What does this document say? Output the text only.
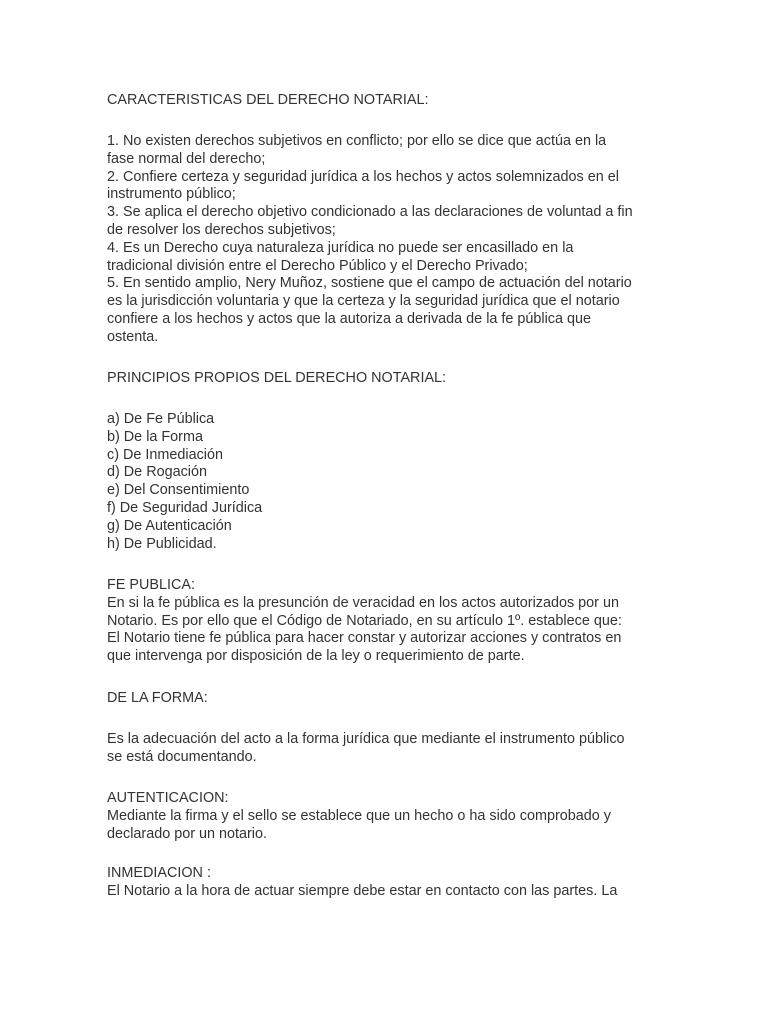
CARACTERISTICAS DEL DERECHO NOTARIAL:
1. No existen derechos subjetivos en conflicto; por ello se dice que actúa en la
fase normal del derecho;
2. Confiere certeza y seguridad jurídica a los hechos y actos solemnizados en el
instrumento público;
3. Se aplica el derecho objetivo condicionado a las declaraciones de voluntad a fin
de resolver los derechos subjetivos;
4. Es un Derecho cuya naturaleza jurídica no puede ser encasillado en la
tradicional división entre el Derecho Público y el Derecho Privado;
5. En sentido amplio, Nery Muñoz, sostiene que el campo de actuación del notario
es la jurisdicción voluntaria y que la certeza y la seguridad jurídica que el notario
confiere a los hechos y actos que la autoriza a derivada de la fe pública que
ostenta.
PRINCIPIOS PROPIOS DEL DERECHO NOTARIAL:
a) De Fe Pública
b) De la Forma
c) De Inmediación
d) De Rogación
e) Del Consentimiento
f) De Seguridad Jurídica
g) De Autenticación
h) De Publicidad.
FE PUBLICA:
En si la fe pública es la presunción de veracidad en los actos autorizados por un
Notario. Es por ello que el Código de Notariado, en su artículo 1º. establece que:
El Notario tiene fe pública para hacer constar y autorizar acciones y contratos en
que intervenga por disposición de la ley o requerimiento de parte.
DE LA FORMA:
Es la adecuación del acto a la forma jurídica que mediante el instrumento público
se está documentando.
AUTENTICACION:
Mediante la firma y el sello se establece que un hecho o ha sido comprobado y
declarado por un notario.
INMEDIACION :
El Notario a la hora de actuar siempre debe estar en contacto con las partes. La
